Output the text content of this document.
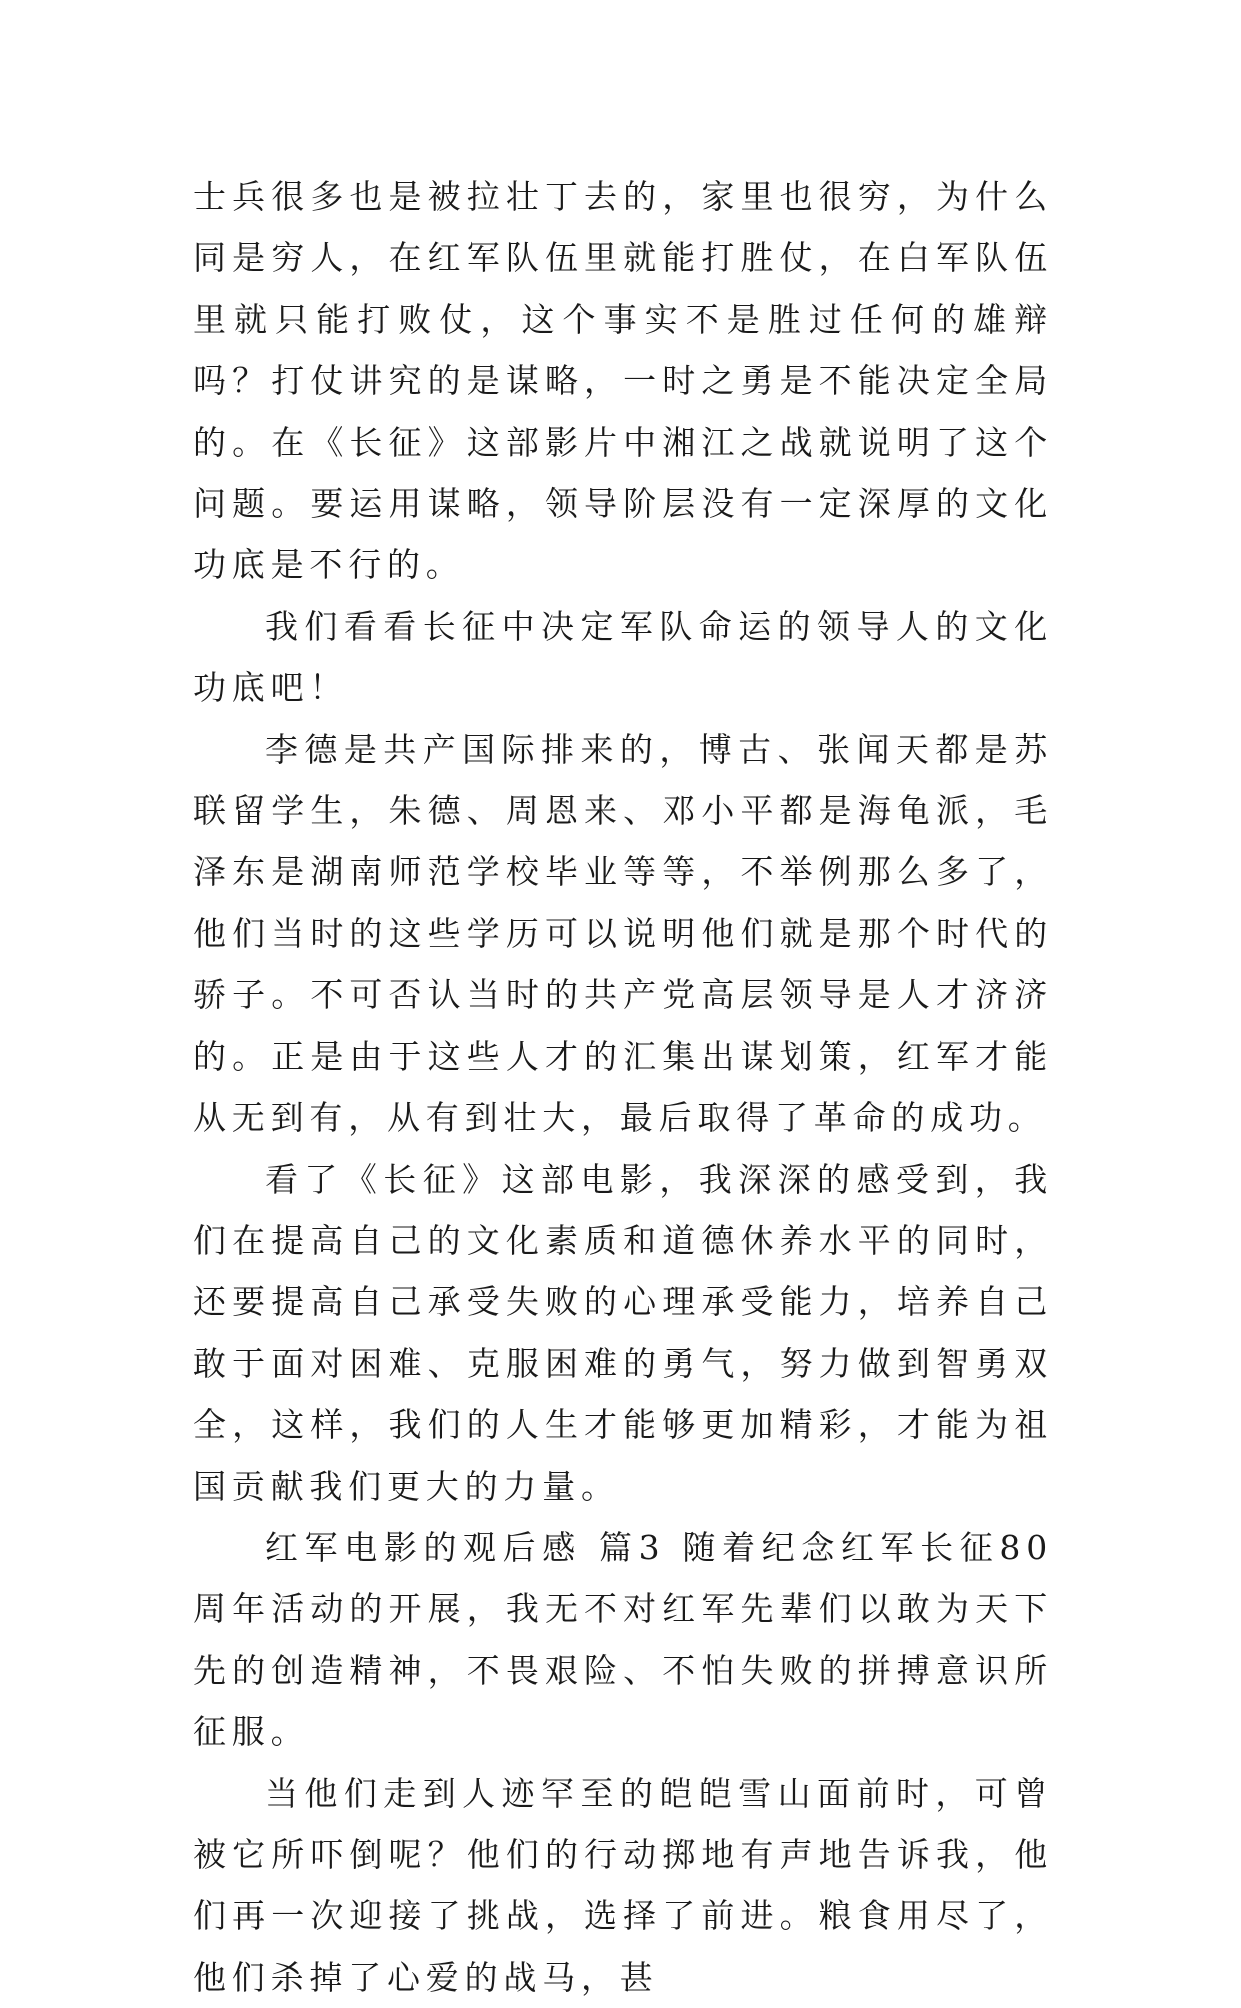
士兵很多也是被拉壮丁去的，家里也很穷，为什么同是穷人，在红军队伍里就能打胜仗，在白军队伍里就只能打败仗，这个事实不是胜过任何的雄辩吗？打仗讲究的是谋略，一时之勇是不能决定全局的。在《长征》这部影片中湘江之战就说明了这个问题。要运用谋略，领导阶层没有一定深厚的文化功底是不行的。

我们看看长征中决定军队命运的领导人的文化功底吧！

李德是共产国际排来的，博古、张闻天都是苏联留学生，朱德、周恩来、邓小平都是海龟派，毛泽东是湖南师范学校毕业等等，不举例那么多了，他们当时的这些学历可以说明他们就是那个时代的骄子。不可否认当时的共产党高层领导是人才济济的。正是由于这些人才的汇集出谋划策，红军才能从无到有，从有到壮大，最后取得了革命的成功。

看了《长征》这部电影，我深深的感受到，我们在提高自己的文化素质和道德休养水平的同时，还要提高自己承受失败的心理承受能力，培养自己敢于面对困难、克服困难的勇气，努力做到智勇双全，这样，我们的人生才能够更加精彩，才能为祖国贡献我们更大的力量。

红军电影的观后感 篇3 随着纪念红军长征80周年活动的开展，我无不对红军先辈们以敢为天下先的创造精神，不畏艰险、不怕失败的拼搏意识所征服。

当他们走到人迹罕至的皑皑雪山面前时，可曾被它所吓倒呢？他们的行动掷地有声地告诉我，他们再一次迎接了挑战，选择了前进。粮食用尽了，他们杀掉了心爱的战马，甚
